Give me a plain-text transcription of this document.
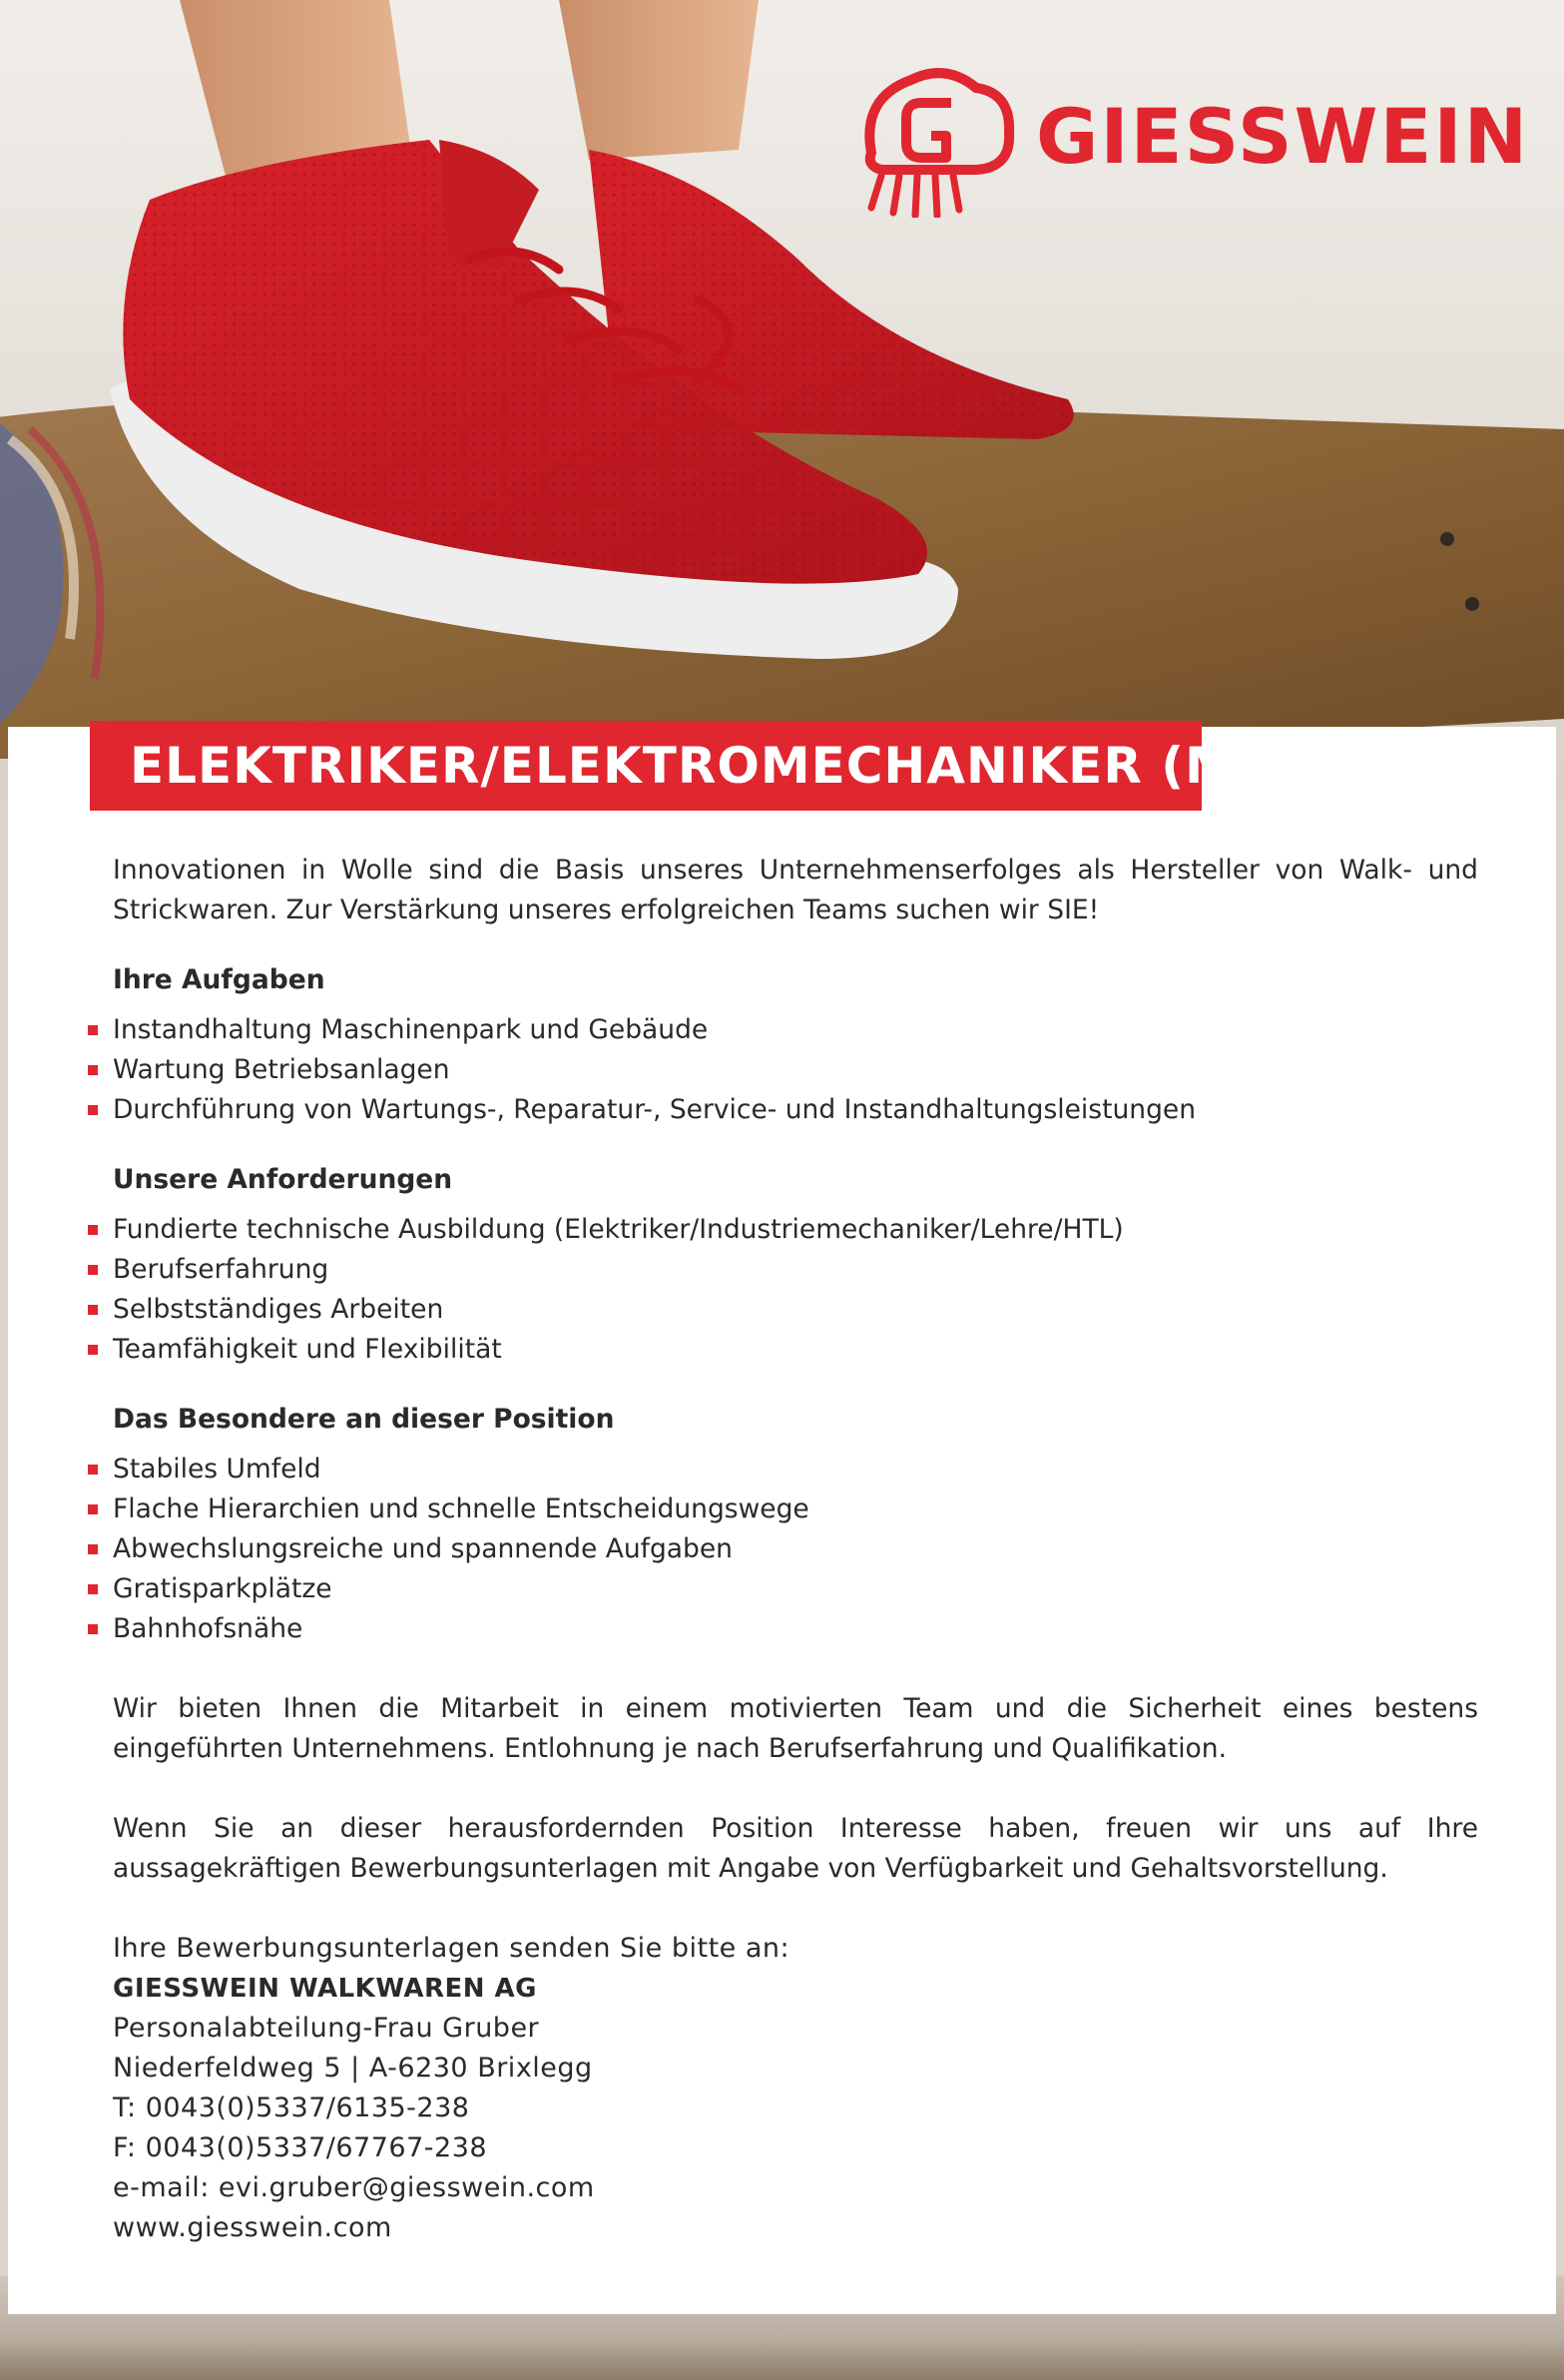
GIESSWEIN
ELEKTRIKER/ELEKTROMECHANIKER (M/W)

Innovationen in Wolle sind die Basis unseres Unternehmenserfolges als Hersteller von Walk- und Strickwaren. Zur Verstärkung unseres erfolgreichen Teams suchen wir SIE!

Ihre Aufgaben
Instandhaltung Maschinenpark und Gebäude
Wartung Betriebsanlagen
Durchführung von Wartungs-, Reparatur-, Service- und Instandhaltungsleistungen
Unsere Anforderungen
Fundierte technische Ausbildung (Elektriker/Industriemechaniker/Lehre/HTL)
Berufserfahrung
Selbstständiges Arbeiten
Teamfähigkeit und Flexibilität
Das Besondere an dieser Position
Stabiles Umfeld
Flache Hierarchien und schnelle Entscheidungswege
Abwechslungsreiche und spannende Aufgaben
Gratisparkplätze
Bahnhofsnähe

Wir bieten Ihnen die Mitarbeit in einem motivierten Team und die Sicherheit eines bestens eingeführten Unternehmens. Entlohnung je nach Berufserfahrung und Qualifikation.

Wenn Sie an dieser herausfordernden Position Interesse haben, freuen wir uns auf Ihre aussagekräftigen Bewerbungsunterlagen mit Angabe von Verfügbarkeit und Gehaltsvorstellung.

Ihre Bewerbungsunterlagen senden Sie bitte an:
GIESSWEIN WALKWAREN AG
Personalabteilung-Frau Gruber
Niederfeldweg 5 | A-6230 Brixlegg
T: 0043(0)5337/6135-238
F: 0043(0)5337/67767-238
e-mail: evi.gruber@giesswein.com
www.giesswein.com
